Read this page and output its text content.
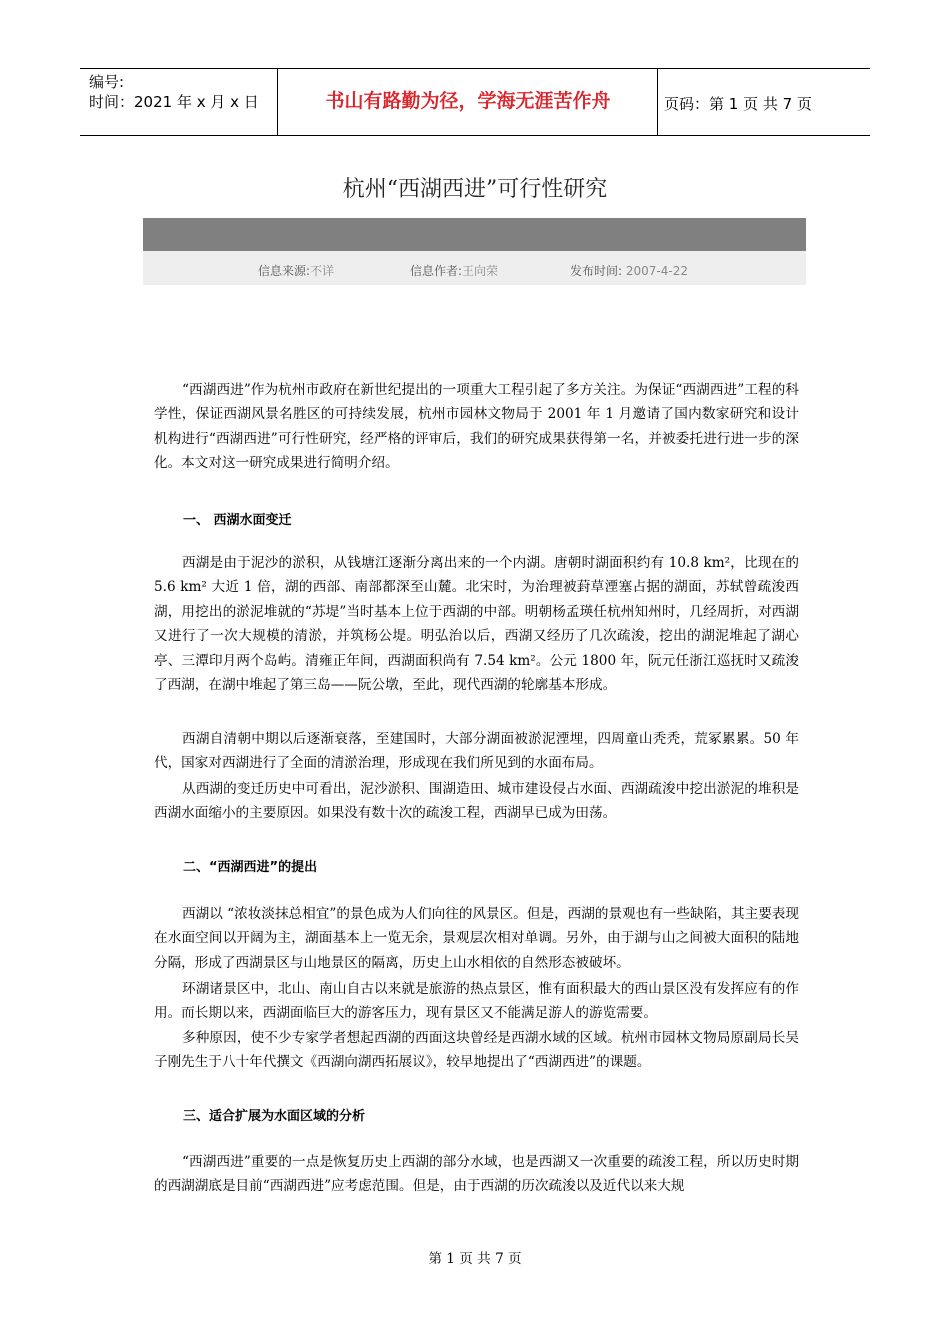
编号:
时间：2021 年 x 月 x 日	书山有路勤为径，学海无涯苦作舟	页码：第 1 页 共 7 页
杭州“西湖西进”可行性研究
信息来源:不详	信息作者:王向荣	发布时间: 2007-4-22

“西湖西进”作为杭州市政府在新世纪提出的一项重大工程引起了多方关注。为保证“西湖西进”工程的科学性，保证西湖风景名胜区的可持续发展，杭州市园林文物局于 2001 年 1 月邀请了国内数家研究和设计机构进行“西湖西进”可行性研究，经严格的评审后，我们的研究成果获得第一名，并被委托进行进一步的深化。本文对这一研究成果进行简明介绍。

一、 西湖水面变迁

西湖是由于泥沙的淤积，从钱塘江逐渐分离出来的一个内湖。唐朝时湖面积约有 10.8 km²，比现在的 5.6 km² 大近 1 倍，湖的西部、南部都深至山麓。北宋时，为治理被葑草湮塞占据的湖面，苏轼曾疏浚西湖，用挖出的淤泥堆就的“苏堤”当时基本上位于西湖的中部。明朝杨孟瑛任杭州知州时，几经周折，对西湖又进行了一次大规模的清淤，并筑杨公堤。明弘治以后，西湖又经历了几次疏浚，挖出的湖泥堆起了湖心亭、三潭印月两个岛屿。清雍正年间，西湖面积尚有 7.54 km²。公元 1800 年，阮元任浙江巡抚时又疏浚了西湖，在湖中堆起了第三岛——阮公墩，至此，现代西湖的轮廓基本形成。

西湖自清朝中期以后逐渐衰落，至建国时，大部分湖面被淤泥湮埋，四周童山秃秃，荒冢累累。50 年代，国家对西湖进行了全面的清淤治理，形成现在我们所见到的水面布局。

从西湖的变迁历史中可看出，泥沙淤积、围湖造田、城市建设侵占水面、西湖疏浚中挖出淤泥的堆积是西湖水面缩小的主要原因。如果没有数十次的疏浚工程，西湖早已成为田荡。

二、“西湖西进”的提出

西湖以 “浓妆淡抹总相宜”的景色成为人们向往的风景区。但是，西湖的景观也有一些缺陷，其主要表现在水面空间以开阔为主，湖面基本上一览无余，景观层次相对单调。另外，由于湖与山之间被大面积的陆地分隔，形成了西湖景区与山地景区的隔离，历史上山水相依的自然形态被破坏。

环湖诸景区中，北山、南山自古以来就是旅游的热点景区，惟有面积最大的西山景区没有发挥应有的作用。而长期以来，西湖面临巨大的游客压力，现有景区又不能满足游人的游览需要。

多种原因，使不少专家学者想起西湖的西面这块曾经是西湖水域的区域。杭州市园林文物局原副局长吴子刚先生于八十年代撰文《西湖向湖西拓展议》，较早地提出了“西湖西进”的课题。

三、适合扩展为水面区域的分析

“西湖西进”重要的一点是恢复历史上西湖的部分水域，也是西湖又一次重要的疏浚工程，所以历史时期的西湖湖底是目前“西湖西进”应考虑范围。但是，由于西湖的历次疏浚以及近代以来大规

第 1 页 共 7 页
